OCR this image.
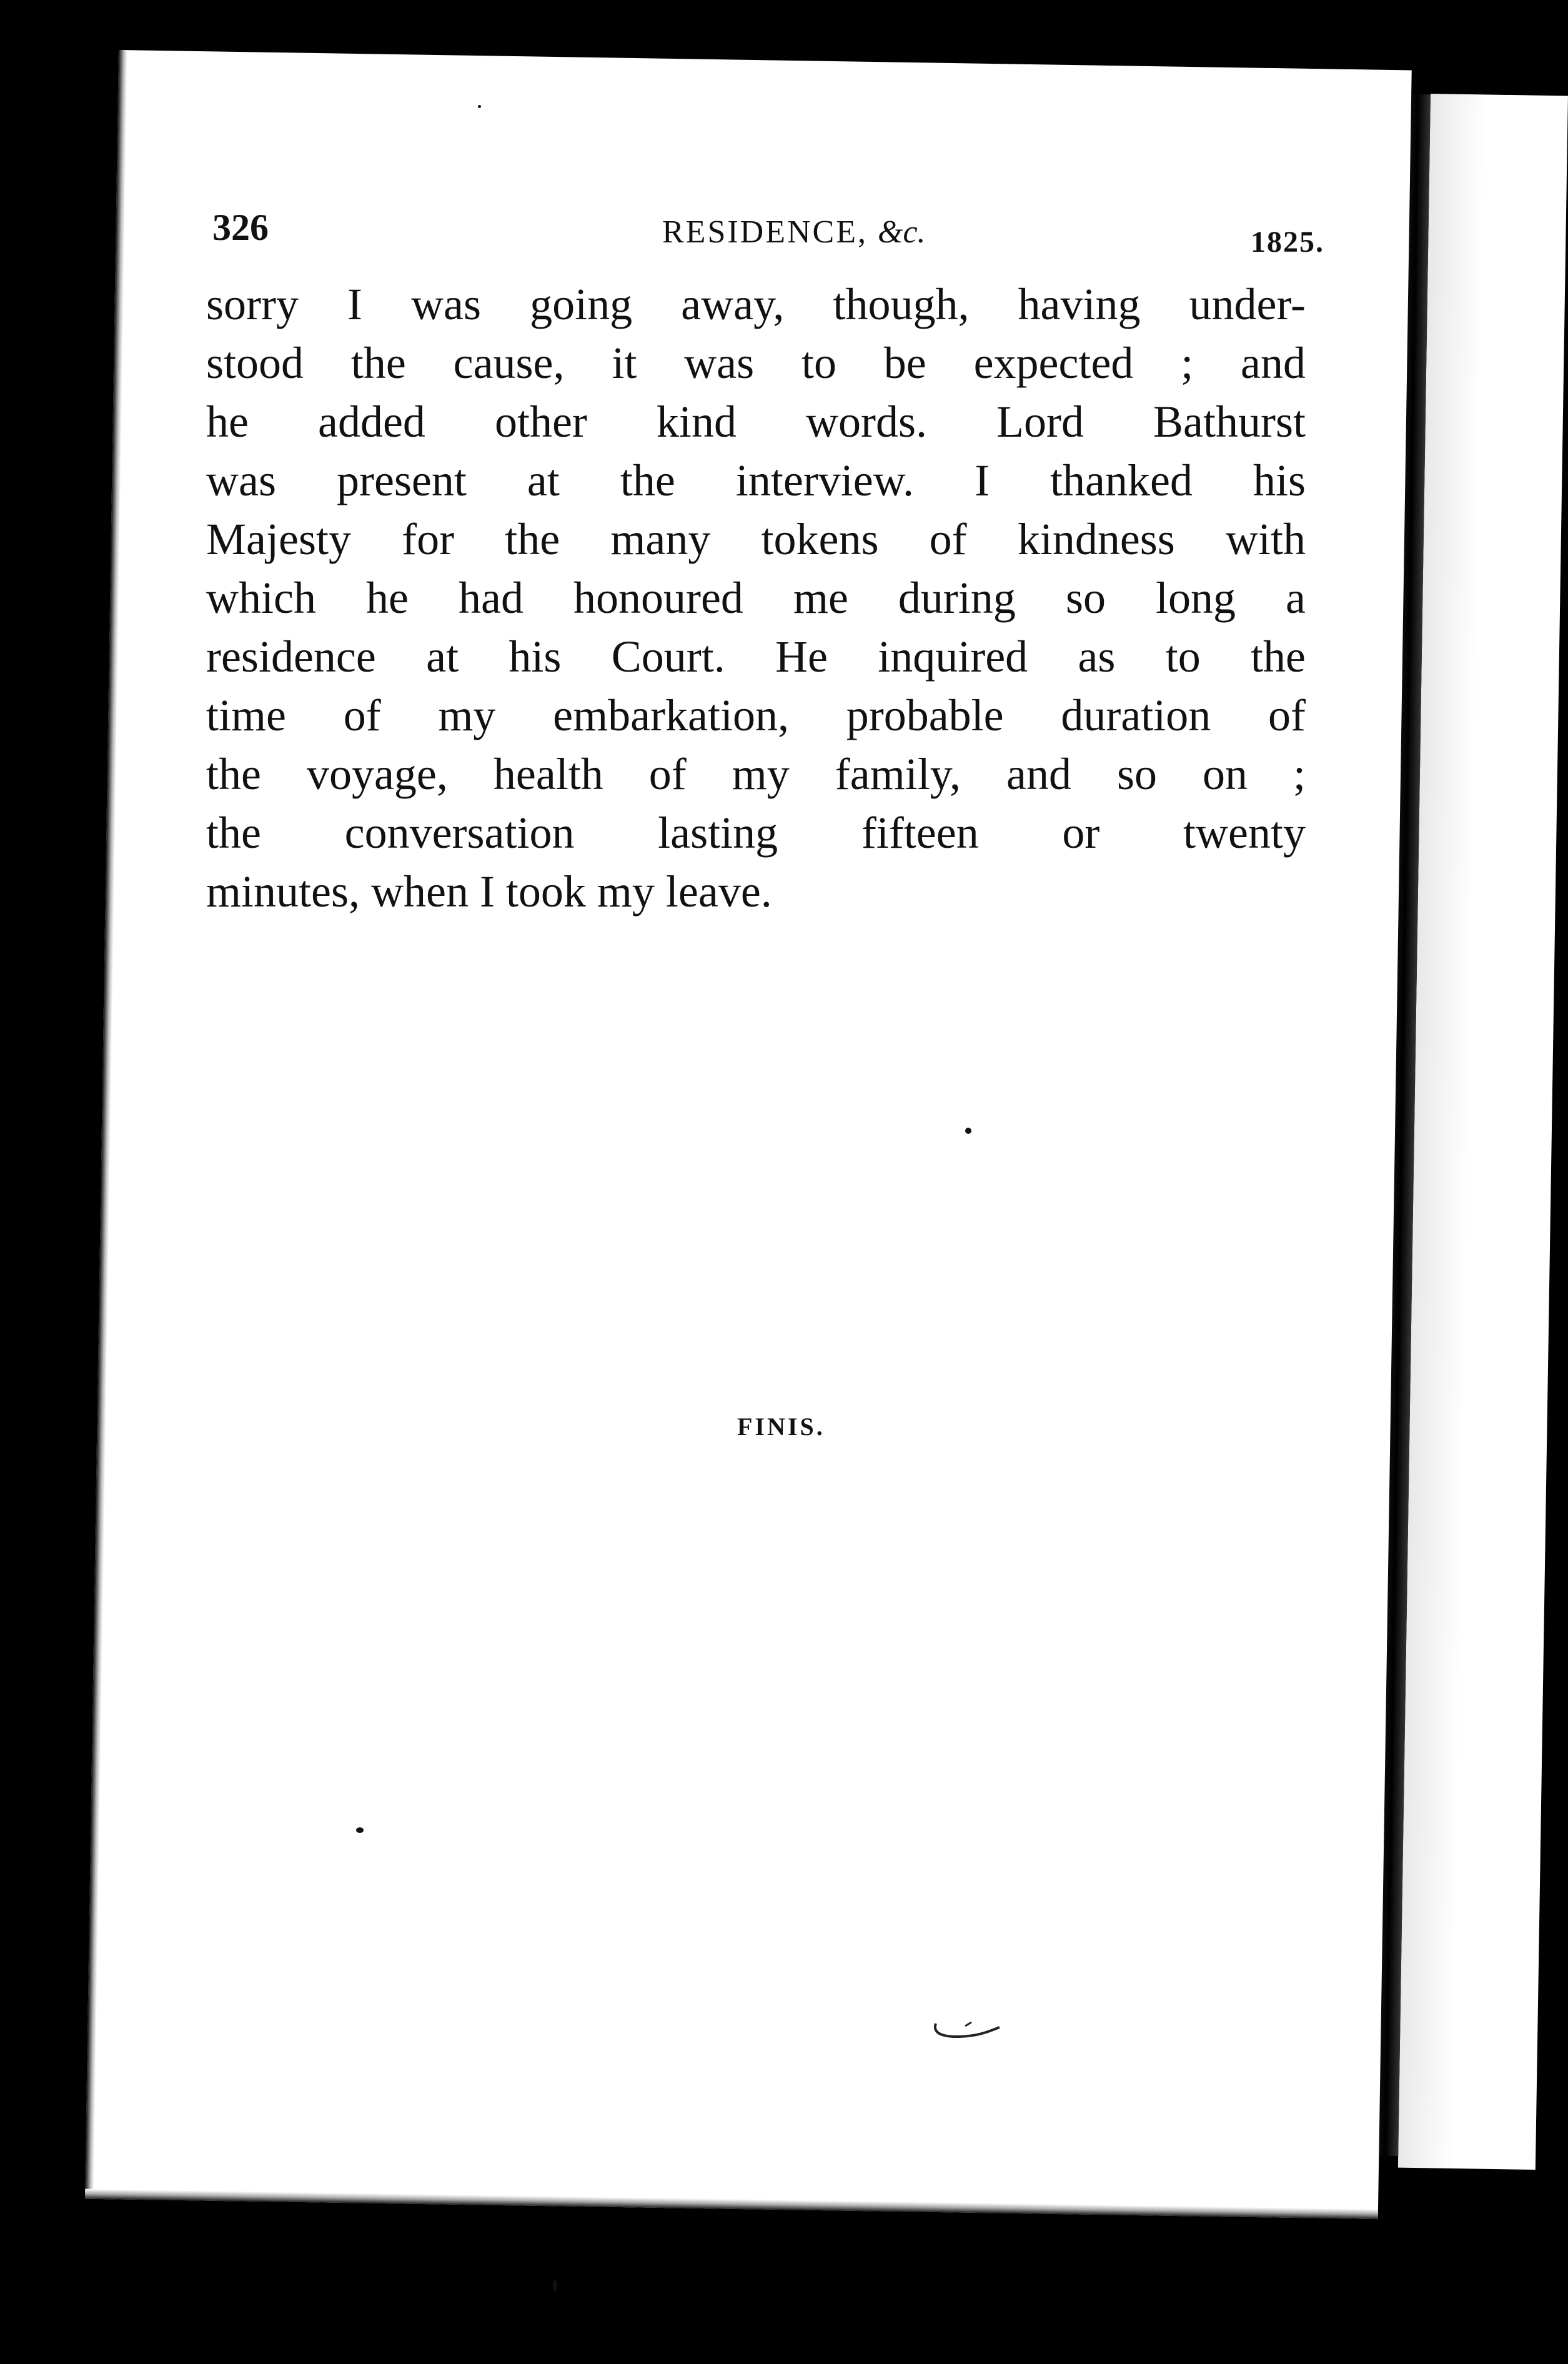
326	RESIDENCE, &c.	1825.
sorry I was going away, though, having under-
stood the cause, it was to be expected ; and
he added other kind words. Lord Bathurst
was present at the interview. I thanked his
Majesty for the many tokens of kindness with
which he had honoured me during so long a
residence at his Court. He inquired as to the
time of my embarkation, probable duration of
the voyage, health of my family, and so on ;
the conversation lasting fifteen or twenty
minutes, when I took my leave.
FINIS.
